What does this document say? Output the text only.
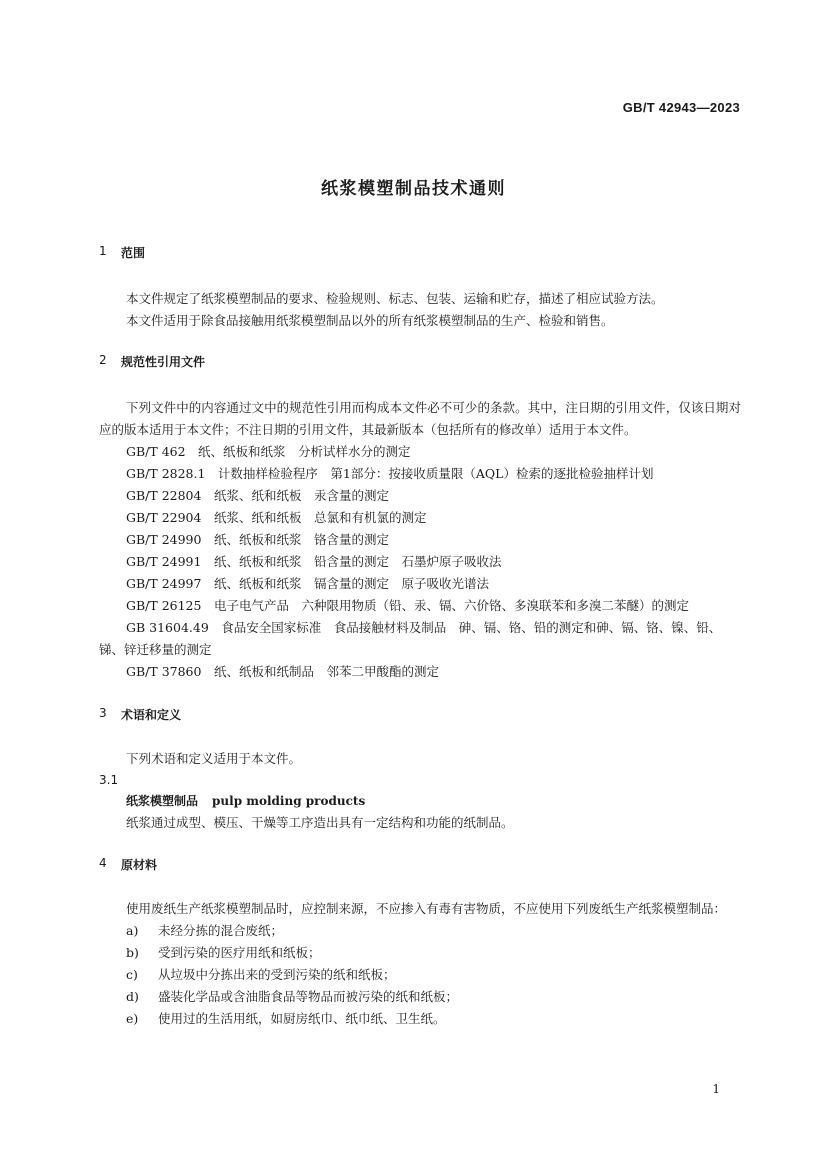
GB/T 42943—2023
纸浆模塑制品技术通则
1	范围

本文件规定了纸浆模塑制品的要求、检验规则、标志、包装、运输和贮存，描述了相应试验方法。

本文件适用于除食品接触用纸浆模塑制品以外的所有纸浆模塑制品的生产、检验和销售。

2	规范性引用文件

下列文件中的内容通过文中的规范性引用而构成本文件必不可少的条款。其中，注日期的引用文件，仅该日期对应的版本适用于本文件；不注日期的引用文件，其最新版本（包括所有的修改单）适用于本文件。

GB/T 462　纸、纸板和纸浆　分析试样水分的测定

GB/T 2828.1　计数抽样检验程序　第1部分：按接收质量限（AQL）检索的逐批检验抽样计划

GB/T 22804　纸浆、纸和纸板　汞含量的测定

GB/T 22904　纸浆、纸和纸板　总氯和有机氯的测定

GB/T 24990　纸、纸板和纸浆　铬含量的测定

GB/T 24991　纸、纸板和纸浆　铅含量的测定　石墨炉原子吸收法

GB/T 24997　纸、纸板和纸浆　镉含量的测定　原子吸收光谱法

GB/T 26125　电子电气产品　六种限用物质（铅、汞、镉、六价铬、多溴联苯和多溴二苯醚）的测定

GB 31604.49　食品安全国家标准　食品接触材料及制品　砷、镉、铬、铅的测定和砷、镉、铬、镍、铅、锑、锌迁移量的测定

GB/T 37860　纸、纸板和纸制品　邻苯二甲酸酯的测定

3	术语和定义

下列术语和定义适用于本文件。

3.1

纸浆模塑制品 pulp molding products

纸浆通过成型、模压、干燥等工序造出具有一定结构和功能的纸制品。

4	原材料

使用废纸生产纸浆模塑制品时，应控制来源，不应掺入有毒有害物质，不应使用下列废纸生产纸浆模塑制品：

a)	未经分拣的混合废纸；
b)	受到污染的医疗用纸和纸板；
c)	从垃圾中分拣出来的受到污染的纸和纸板；
d)	盛装化学品或含油脂食品等物品而被污染的纸和纸板；
e)	使用过的生活用纸，如厨房纸巾、纸巾纸、卫生纸。
1
